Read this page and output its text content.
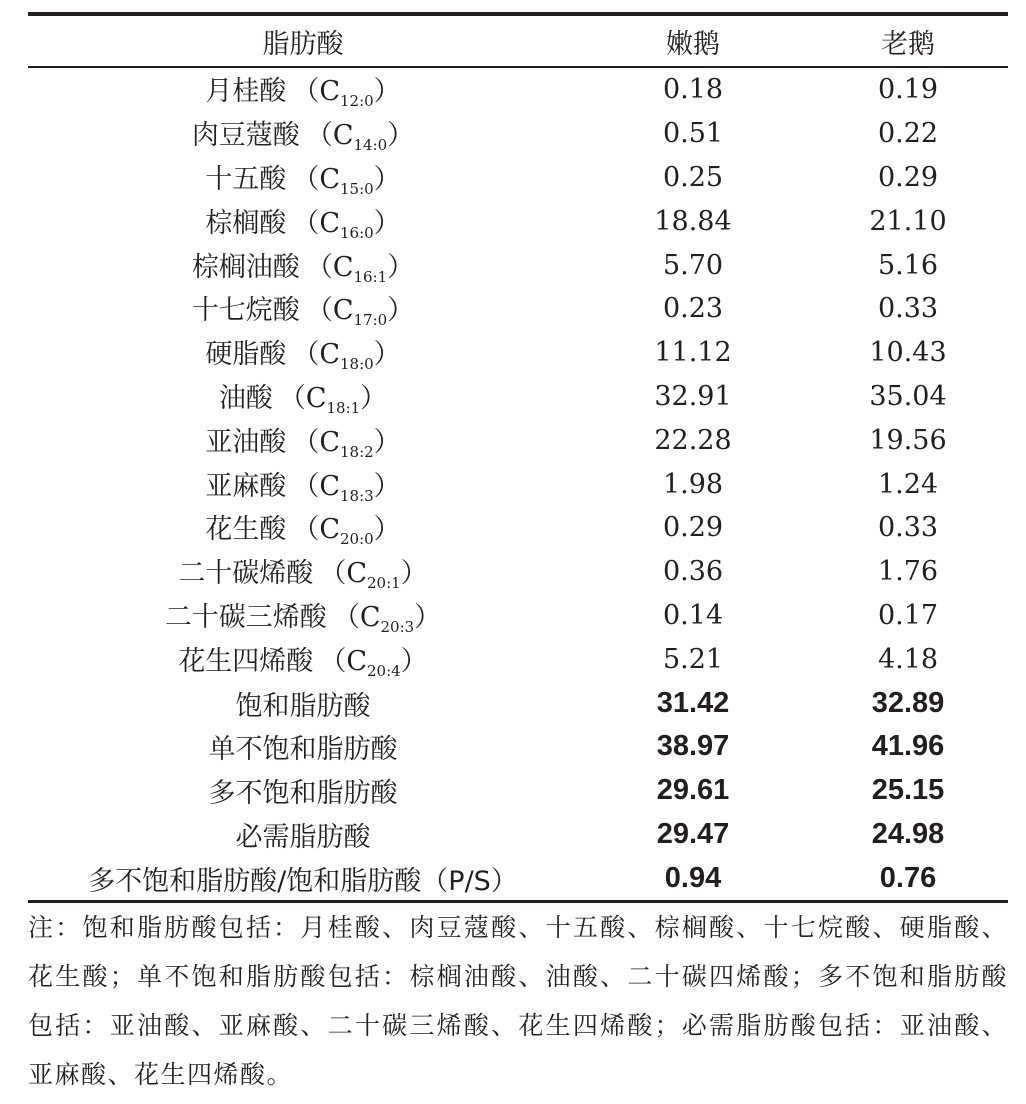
脂肪酸	嫩鹅	老鹅
月桂酸 $(C_{12:0})$	0.18	0.19
肉豆蔻酸 $(C_{14:0})$	0.51	0.22
十五酸 $(C_{15:0})$	0.25	0.29
棕榈酸 $(C_{16:0})$	18.84	21.10
棕榈油酸 $(C_{16:1})$	5.70	5.16
十七烷酸 $(C_{17:0})$	0.23	0.33
硬脂酸 $(C_{18:0})$	11.12	10.43
油酸 $(C_{18:1})$	32.91	35.04
亚油酸 $(C_{18:2})$	22.28	19.56
亚麻酸 $(C_{18:3})$	1.98	1.24
花生酸 $(C_{20:0})$	0.29	0.33
二十碳烯酸 $(C_{20:1})$	0.36	1.76
二十碳三烯酸 $(C_{20:3})$	0.14	0.17
花生四烯酸 $(C_{20:4})$	5.21	4.18
饱和脂肪酸	31.42	32.89
单不饱和脂肪酸	38.97	41.96
多不饱和脂肪酸	29.61	25.15
必需脂肪酸	29.47	24.98
多不饱和脂肪酸/饱和脂肪酸（P/S）	0.94	0.76
注：饱和脂肪酸包括：月桂酸、肉豆蔻酸、十五酸、棕榈酸、十七烷酸、硬脂酸、花生酸；单不饱和脂肪酸包括：棕榈油酸、油酸、二十碳四烯酸；多不饱和脂肪酸包括：亚油酸、亚麻酸、二十碳三烯酸、花生四烯酸；必需脂肪酸包括：亚油酸、亚麻酸、花生四烯酸。
